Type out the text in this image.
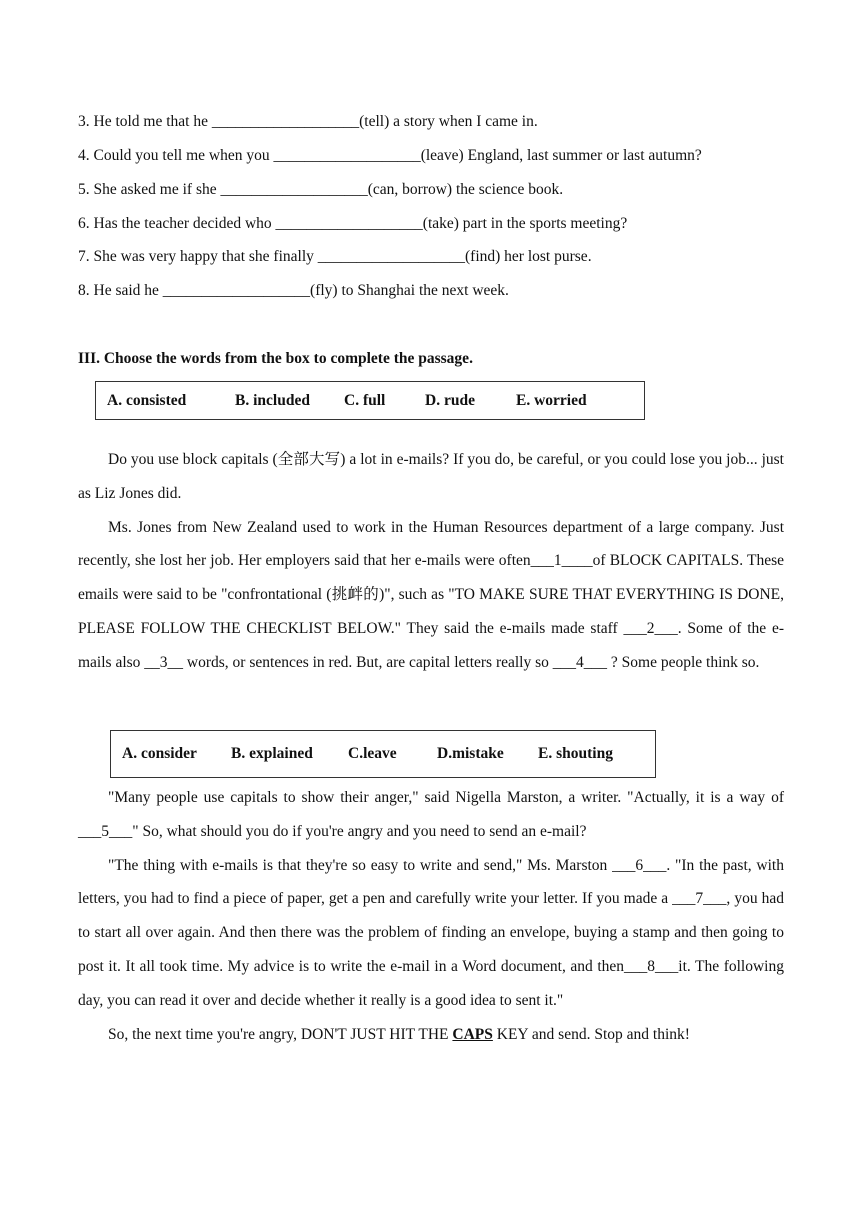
3. He told me that he ___________________(tell) a story when I came in.
4. Could you tell me when you ___________________(leave) England, last summer or last autumn?
5. She asked me if she ___________________(can, borrow) the science book.
6. Has the teacher decided who ___________________(take) part in the sports meeting?
7. She was very happy that she finally ___________________(find) her lost purse.
8. He said he ___________________(fly) to Shanghai the next week.
III. Choose the words from the box to complete the passage.
A. consisted	B. included C. full	D. rude	E. worried

Do you use block capitals (全部大写) a lot in e-mails? If you do, be careful, or you could lose you job... just as Liz Jones did.

Ms. Jones from New Zealand used to work in the Human Resources department of a large company. Just recently, she lost her job. Her employers said that her e-mails were often___1____of BLOCK CAPITALS. These emails were said to be "confrontational (挑衅的)", such as "TO MAKE SURE THAT EVERYTHING IS DONE, PLEASE FOLLOW THE CHECKLIST BELOW." They said the e-mails made staff ___2___. Some of the e-mails also __3__ words, or sentences in red. But, are capital letters really so ___4___ ? Some people think so.

A. consider B. explained C.leave	D.mistake E. shouting

"Many people use capitals to show their anger," said Nigella Marston, a writer. "Actually, it is a way of ___5___" So, what should you do if you're angry and you need to send an e-mail?

"The thing with e-mails is that they're so easy to write and send," Ms. Marston ___6___. "In the past, with letters, you had to find a piece of paper, get a pen and carefully write your letter. If you made a ___7___, you had to start all over again. And then there was the problem of finding an envelope, buying a stamp and then going to post it. It all took time. My advice is to write the e-mail in a Word document, and then___8___it. The following day, you can read it over and decide whether it really is a good idea to sent it."

So, the next time you're angry, DON'T JUST HIT THE CAPS KEY and send. Stop and think!
